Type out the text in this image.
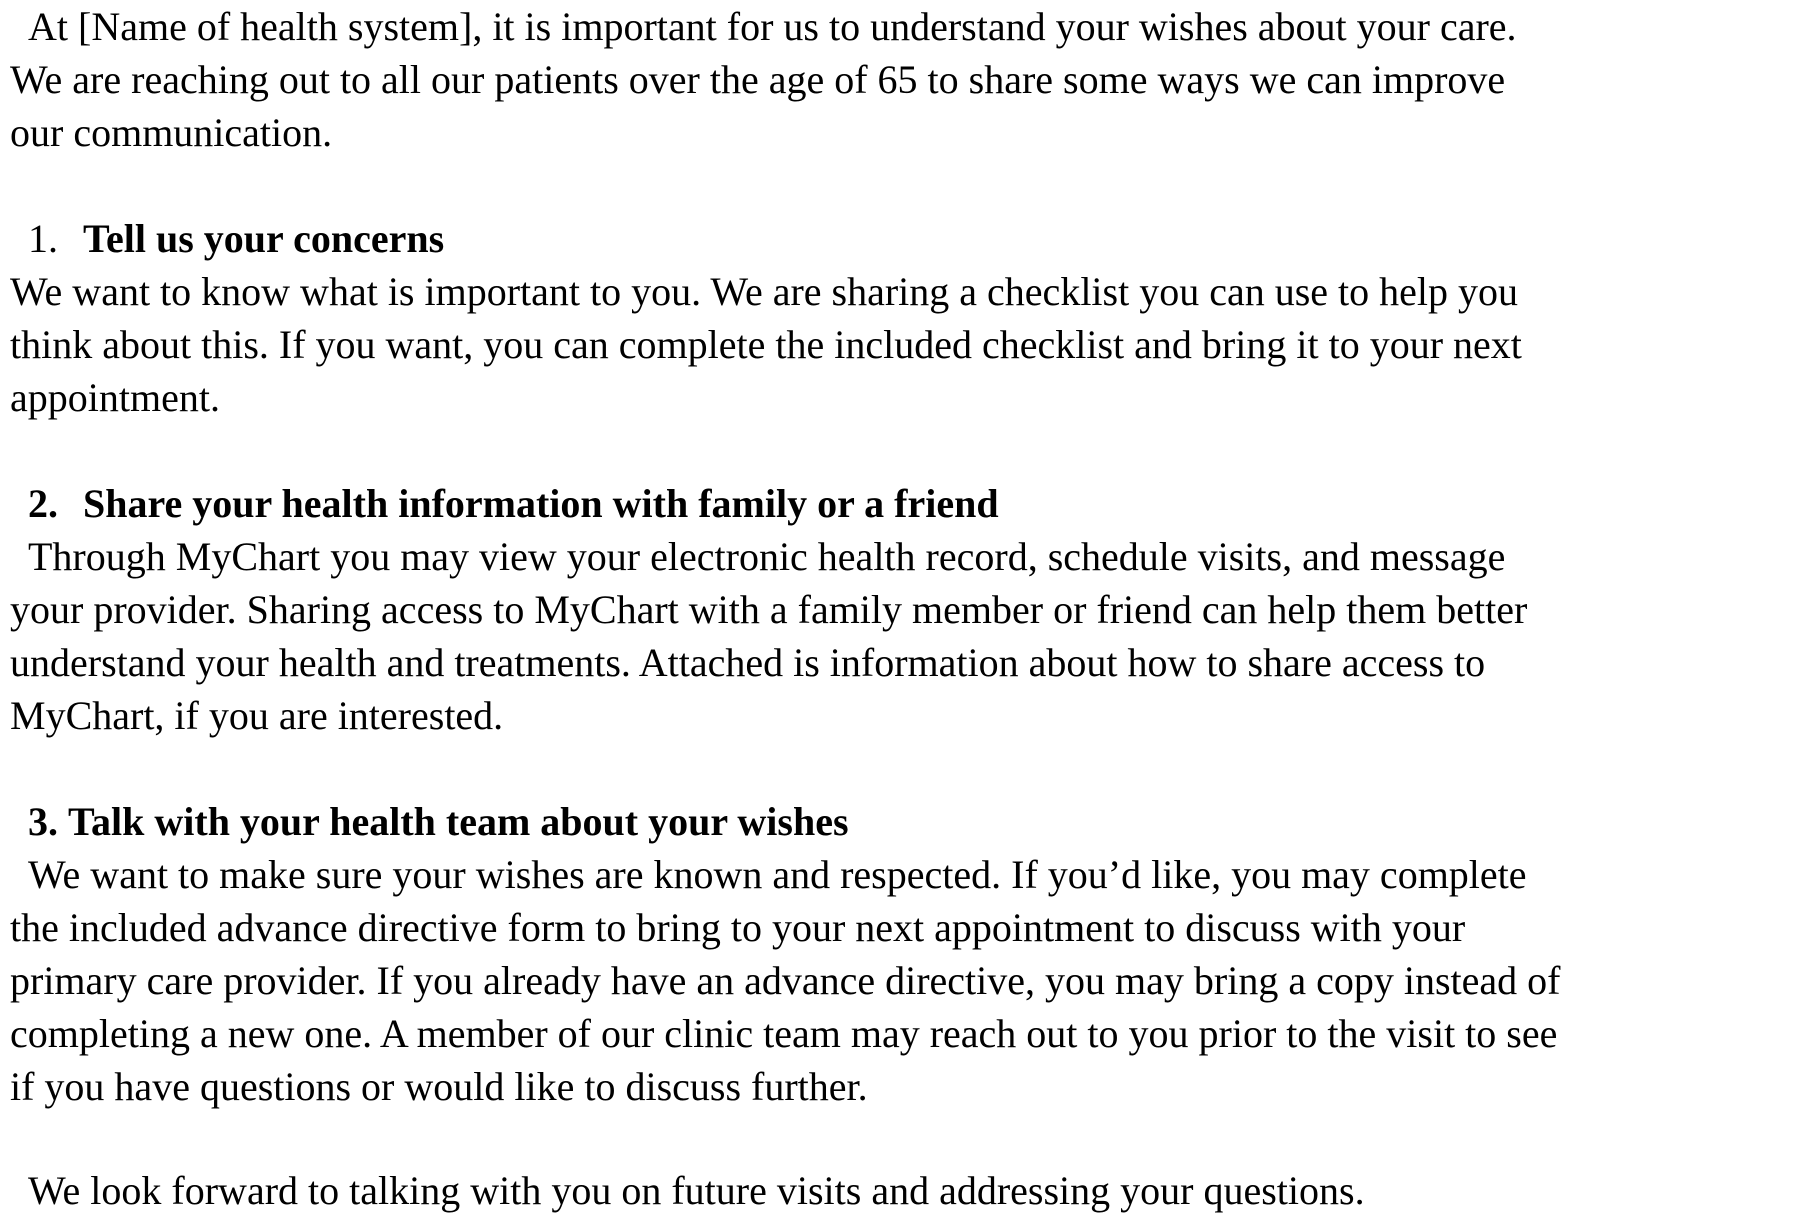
At [Name of health system], it is important for us to understand your wishes about your care.

We are reaching out to all our patients over the age of 65 to share some ways we can improve

our communication.

1. Tell us your concerns

We want to know what is important to you. We are sharing a checklist you can use to help you

think about this. If you want, you can complete the included checklist and bring it to your next

appointment.

2. Share your health information with family or a friend

Through MyChart you may view your electronic health record, schedule visits, and message

your provider. Sharing access to MyChart with a family member or friend can help them better

understand your health and treatments. Attached is information about how to share access to

MyChart, if you are interested.

3. Talk with your health team about your wishes

We want to make sure your wishes are known and respected. If you’d like, you may complete

the included advance directive form to bring to your next appointment to discuss with your

primary care provider. If you already have an advance directive, you may bring a copy instead of

completing a new one. A member of our clinic team may reach out to you prior to the visit to see

if you have questions or would like to discuss further.

We look forward to talking with you on future visits and addressing your questions.
